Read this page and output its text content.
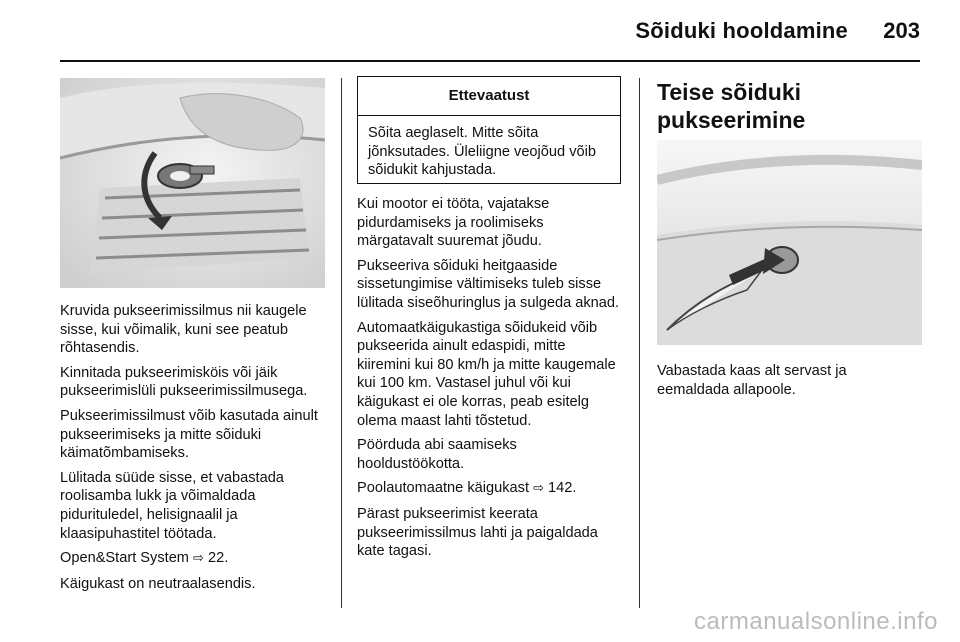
Sõiduki hooldamine 203

Kruvida pukseerimissilmus nii kaugele sisse, kui võimalik, kuni see peatub rõhtasendis.

Kinnitada pukseerimisköis või jäik pukseerimislüli pukseerimissilmusega.

Pukseerimissilmust võib kasutada ainult pukseerimiseks ja mitte sõiduki käimatõmbamiseks.

Lülitada süüde sisse, et vabastada roolisamba lukk ja võimaldada pidurituledel, helisignaalil ja klaasipuhastitel töötada.

Open&Start System ⇨ 22.

Käigukast on neutraalasendis.

Ettevaatust
Sõita aeglaselt. Mitte sõita jõnksutades. Üleliigne veojõud võib sõidukit kahjustada.

Kui mootor ei tööta, vajatakse pidurdamiseks ja roolimiseks märgatavalt suuremat jõudu.

Pukseeriva sõiduki heitgaaside sissetungimise vältimiseks tuleb sisse lülitada siseõhuringlus ja sulgeda aknad.

Automaatkäigukastiga sõidukeid võib pukseerida ainult edaspidi, mitte kiiremini kui 80 km/h ja mitte kaugemale kui 100 km. Vastasel juhul või kui käigukast ei ole korras, peab esitelg olema maast lahti tõstetud.

Pöörduda abi saamiseks hooldustöökotta.

Poolautomaatne käigukast ⇨ 142.

Pärast pukseerimist keerata pukseerimissilmus lahti ja paigaldada kate tagasi.

Teise sõiduki pukseerimine

Vabastada kaas alt servast ja eemaldada allapoole.

carmanualsonline.info
